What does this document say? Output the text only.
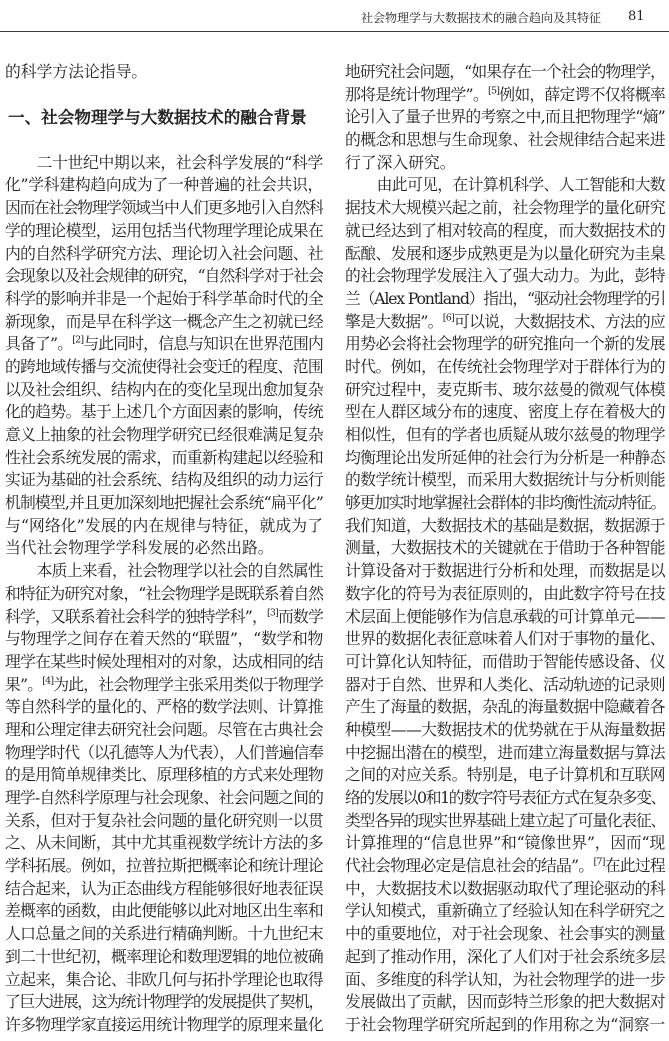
社会物理学与大数据技术的融合趋向及其特征 81
的科学方法论指导。
一、社会物理学与大数据技术的融合背景
二十世纪中期以来，社会科学发展的“科学
化”学科建构趋向成为了一种普遍的社会共识，
因而在社会物理学领域当中人们更多地引入自然科
学的理论模型，运用包括当代物理学理论成果在
内的自然科学研究方法、理论切入社会问题、社
会现象以及社会规律的研究，“自然科学对于社会
科学的影响并非是一个起始于科学革命时代的全
新现象，而是早在科学这一概念产生之初就已经
具备了”。[2]与此同时，信息与知识在世界范围内
的跨地域传播与交流使得社会变迁的程度、范围
以及社会组织、结构内在的变化呈现出愈加复杂
化的趋势。基于上述几个方面因素的影响，传统
意义上抽象的社会物理学研究已经很难满足复杂
性社会系统发展的需求，而重新构建起以经验和
实证为基础的社会系统、结构及组织的动力运行
机制模型,并且更加深刻地把握社会系统“扁平化”
与“网络化”发展的内在规律与特征，就成为了
当代社会物理学学科发展的必然出路。
本质上来看，社会物理学以社会的自然属性
和特征为研究对象，“社会物理学是既联系着自然
科学，又联系着社会科学的独特学科”，[3]而数学
与物理学之间存在着天然的“联盟”，“数学和物
理学在某些时候处理相对的对象，达成相同的结
果”。[4]为此，社会物理学主张采用类似于物理学
等自然科学的量化的、严格的数学法则、计算推
理和公理定律去研究社会问题。尽管在古典社会
物理学时代（以孔德等人为代表），人们普遍信奉
的是用简单规律类比、原理移植的方式来处理物
理学-自然科学原理与社会现象、社会问题之间的
关系，但对于复杂社会问题的量化研究则一以贯
之、从未间断，其中尤其重视数学统计方法的多
学科拓展。例如，拉普拉斯把概率论和统计理论
结合起来，认为正态曲线方程能够很好地表征误
差概率的函数，由此便能够以此对地区出生率和
人口总量之间的关系进行精确判断。十九世纪末
到二十世纪初，概率理论和数理逻辑的地位被确
立起来，集合论、非欧几何与拓扑学理论也取得
了巨大进展，这为统计物理学的发展提供了契机，
许多物理学家直接运用统计物理学的原理来量化
地研究社会问题，“如果存在一个社会的物理学，
那将是统计物理学”。[5]例如，薛定谔不仅将概率
论引入了量子世界的考察之中,而且把物理学“熵”
的概念和思想与生命现象、社会规律结合起来进
行了深入研究。
由此可见，在计算机科学、人工智能和大数
据技术大规模兴起之前，社会物理学的量化研究
就已经达到了相对较高的程度，而大数据技术的
酝酿、发展和逐步成熟更是为以量化研究为圭臬
的社会物理学发展注入了强大动力。为此，彭特
兰（Alex Pontland）指出，“驱动社会物理学的引
擎是大数据”。[6]可以说，大数据技术、方法的应
用势必会将社会物理学的研究推向一个新的发展
时代。例如，在传统社会物理学对于群体行为的
研究过程中，麦克斯韦、玻尔兹曼的微观气体模
型在人群区域分布的速度、密度上存在着极大的
相似性，但有的学者也质疑从玻尔兹曼的物理学
均衡理论出发所延伸的社会行为分析是一种静态
的数学统计模型，而采用大数据统计与分析则能
够更加实时地掌握社会群体的非均衡性流动特征。
我们知道，大数据技术的基础是数据，数据源于
测量，大数据技术的关键就在于借助于各种智能
计算设备对于数据进行分析和处理，而数据是以
数字化的符号为表征原则的，由此数字符号在技
术层面上便能够作为信息承载的可计算单元——
世界的数据化表征意味着人们对于事物的量化、
可计算化认知特征，而借助于智能传感设备、仪
器对于自然、世界和人类化、活动轨迹的记录则
产生了海量的数据，杂乱的海量数据中隐藏着各
种模型——大数据技术的优势就在于从海量数据
中挖掘出潜在的模型，进而建立海量数据与算法
之间的对应关系。特别是，电子计算机和互联网
络的发展以0和1的数字符号表征方式在复杂多变、
类型各异的现实世界基础上建立起了可量化表征、
计算推理的“信息世界”和“镜像世界”，因而“现
代社会物理必定是信息社会的结晶”。[7]在此过程
中，大数据技术以数据驱动取代了理论驱动的科
学认知模式，重新确立了经验认知在科学研究之
中的重要地位，对于社会现象、社会事实的测量
起到了推动作用，深化了人们对于社会系统多层
面、多维度的科学认知，为社会物理学的进一步
发展做出了贡献，因而彭特兰形象的把大数据对
于社会物理学研究所起到的作用称之为“洞察一
